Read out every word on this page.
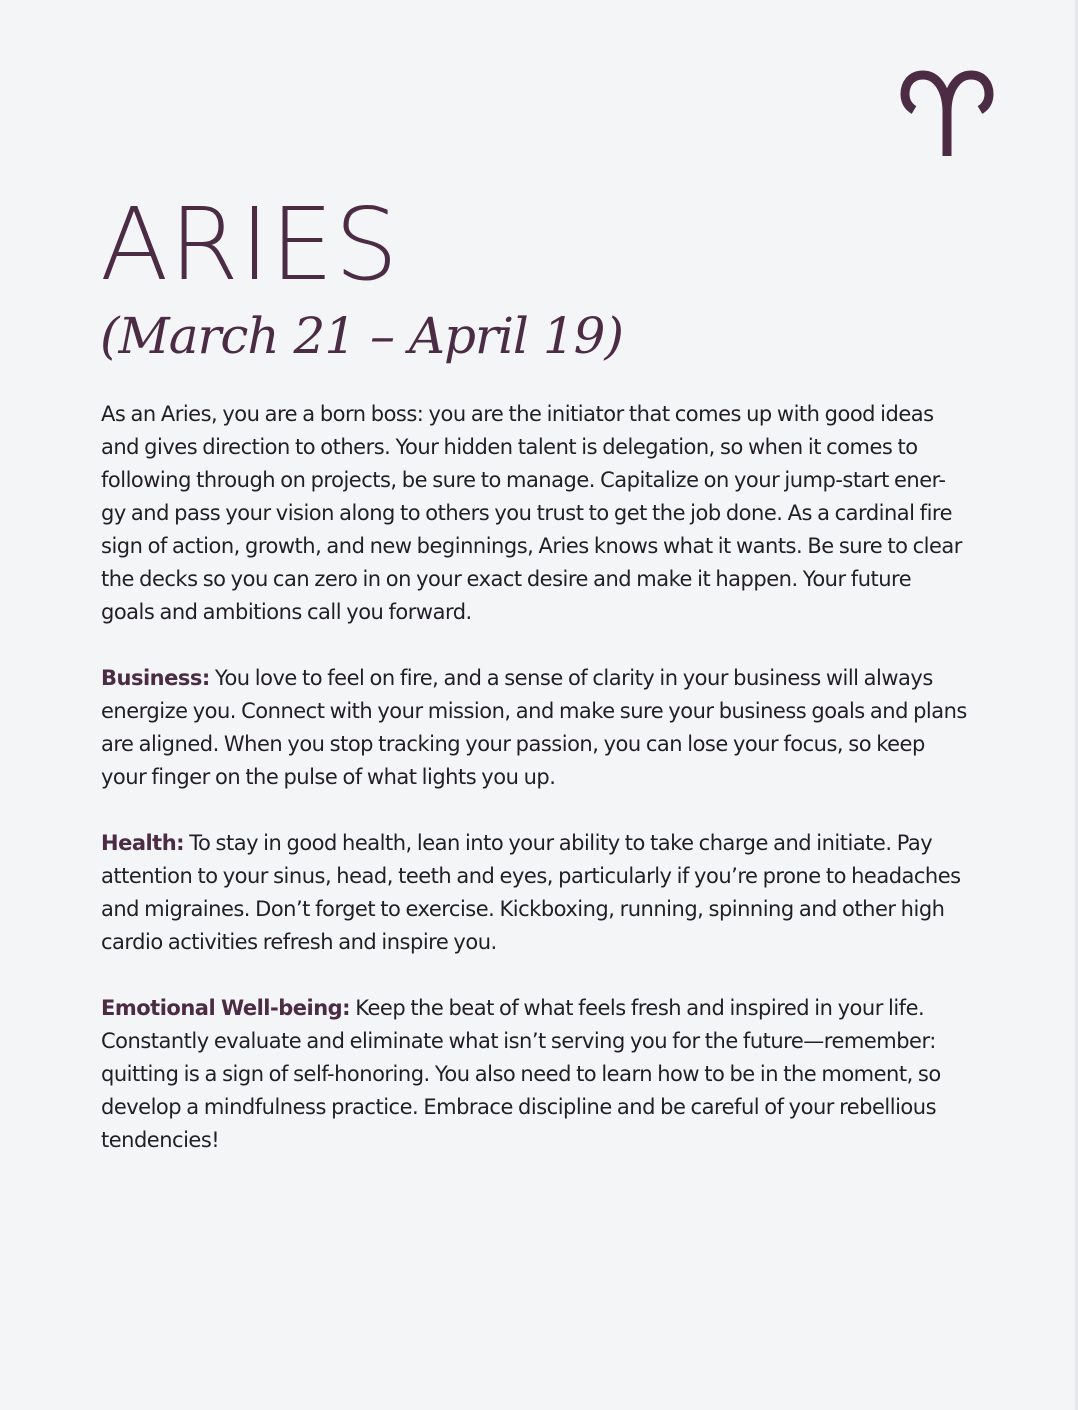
ARIES
(March 21 – April 19)

As an Aries, you are a born boss: you are the initiator that comes up with good ideas
and gives direction to others. Your hidden talent is delegation, so when it comes to
following through on projects, be sure to manage. Capitalize on your jump-start ener-
gy and pass your vision along to others you trust to get the job done. As a cardinal fire
sign of action, growth, and new beginnings, Aries knows what it wants. Be sure to clear
the decks so you can zero in on your exact desire and make it happen. Your future
goals and ambitions call you forward.

Business: You love to feel on fire, and a sense of clarity in your business will always
energize you. Connect with your mission, and make sure your business goals and plans
are aligned. When you stop tracking your passion, you can lose your focus, so keep
your finger on the pulse of what lights you up.

Health: To stay in good health, lean into your ability to take charge and initiate. Pay
attention to your sinus, head, teeth and eyes, particularly if you’re prone to headaches
and migraines. Don’t forget to exercise. Kickboxing, running, spinning and other high
cardio activities refresh and inspire you.

Emotional Well-being: Keep the beat of what feels fresh and inspired in your life.
Constantly evaluate and eliminate what isn’t serving you for the future—remember:
quitting is a sign of self-honoring. You also need to learn how to be in the moment, so
develop a mindfulness practice. Embrace discipline and be careful of your rebellious
tendencies!
